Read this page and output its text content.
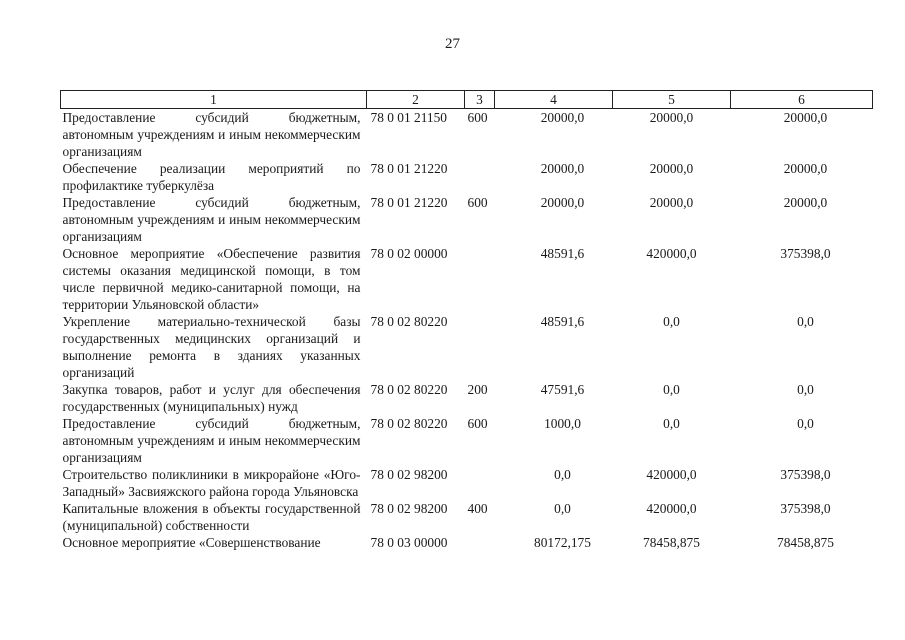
27
1	2	3	4	5	6
Предоставление субсидий бюджетным, автономным учреждениям и иным некоммерческим организациям	78 0 01 21150	600	20000,0	20000,0	20000,0
Обеспечение реализации мероприятий по профилактике туберкулёза	78 0 01 21220		20000,0	20000,0	20000,0
Предоставление субсидий бюджетным, автономным учреждениям и иным некоммерческим организациям	78 0 01 21220	600	20000,0	20000,0	20000,0
Основное мероприятие «Обеспечение развития системы оказания медицинской помощи, в том числе первичной медико-санитарной помощи, на территории Ульяновской области»	78 0 02 00000		48591,6	420000,0	375398,0
Укрепление материально-технической базы государственных медицинских организаций и выполнение ремонта в зданиях указанных организаций	78 0 02 80220		48591,6	0,0	0,0
Закупка товаров, работ и услуг для обеспечения государственных (муниципальных) нужд	78 0 02 80220	200	47591,6	0,0	0,0
Предоставление субсидий бюджетным, автономным учреждениям и иным некоммерческим организациям	78 0 02 80220	600	1000,0	0,0	0,0
Строительство поликлиники в микрорайоне «Юго-Западный» Засвияжского района города Ульяновска	78 0 02 98200		0,0	420000,0	375398,0
Капитальные вложения в объекты государственной (муниципальной) собственности	78 0 02 98200	400	0,0	420000,0	375398,0
Основное мероприятие «Совершенствование	78 0 03 00000		80172,175	78458,875	78458,875
